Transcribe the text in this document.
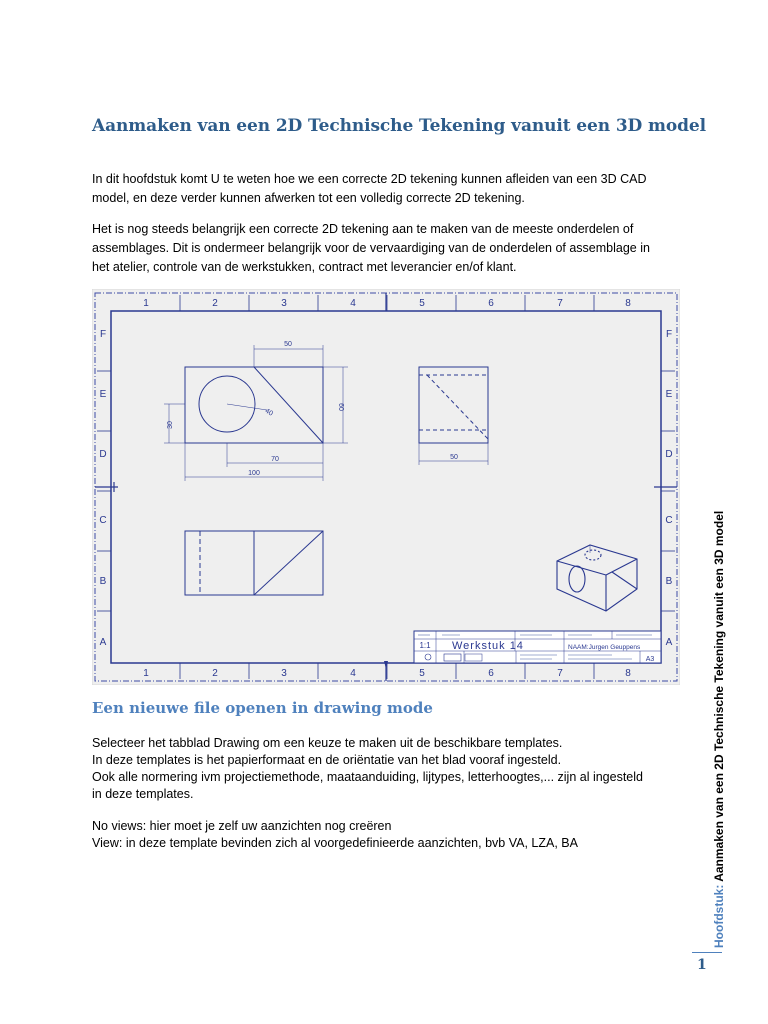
Aanmaken van een 2D Technische Tekening vanuit een 3D model
In dit hoofdstuk komt U te weten hoe we een correcte 2D tekening kunnen afleiden van een 3D CAD
model, en deze verder kunnen afwerken tot een volledig correcte 2D tekening.
Het is nog steeds belangrijk een correcte 2D tekening aan te maken van de meeste onderdelen of
assemblages. Dit is ondermeer belangrijk voor de vervaardiging van de onderdelen of assemblage in
het atelier, controle van de werkstukken, contract met leverancier en/of klant.
1	2	3	4	5	6	7	8
1	2	3	4	5	6	7	8
F
E
D
C
B
A
F
E
D
C
B
A
50
60
30
40
70
100
50
1:1 Werkstuk 14	NAAM:Jurgen Geuppens
A3
Een nieuwe file openen in drawing mode
Selecteer het tabblad Drawing om een keuze te maken uit de beschikbare templates.
In deze templates is het papierformaat en de oriëntatie van het blad vooraf ingesteld.
Ook alle normering ivm projectiemethode, maataanduiding, lijtypes, letterhoogtes,... zijn al ingesteld
in deze templates.
No views: hier moet je zelf uw aanzichten nog creëren
View: in deze template bevinden zich al voorgedefinieerde aanzichten, bvb VA, LZA, BA
Hoofdstuk: Aanmaken van een 2D Technische Tekening vanuit een 3D model
1
